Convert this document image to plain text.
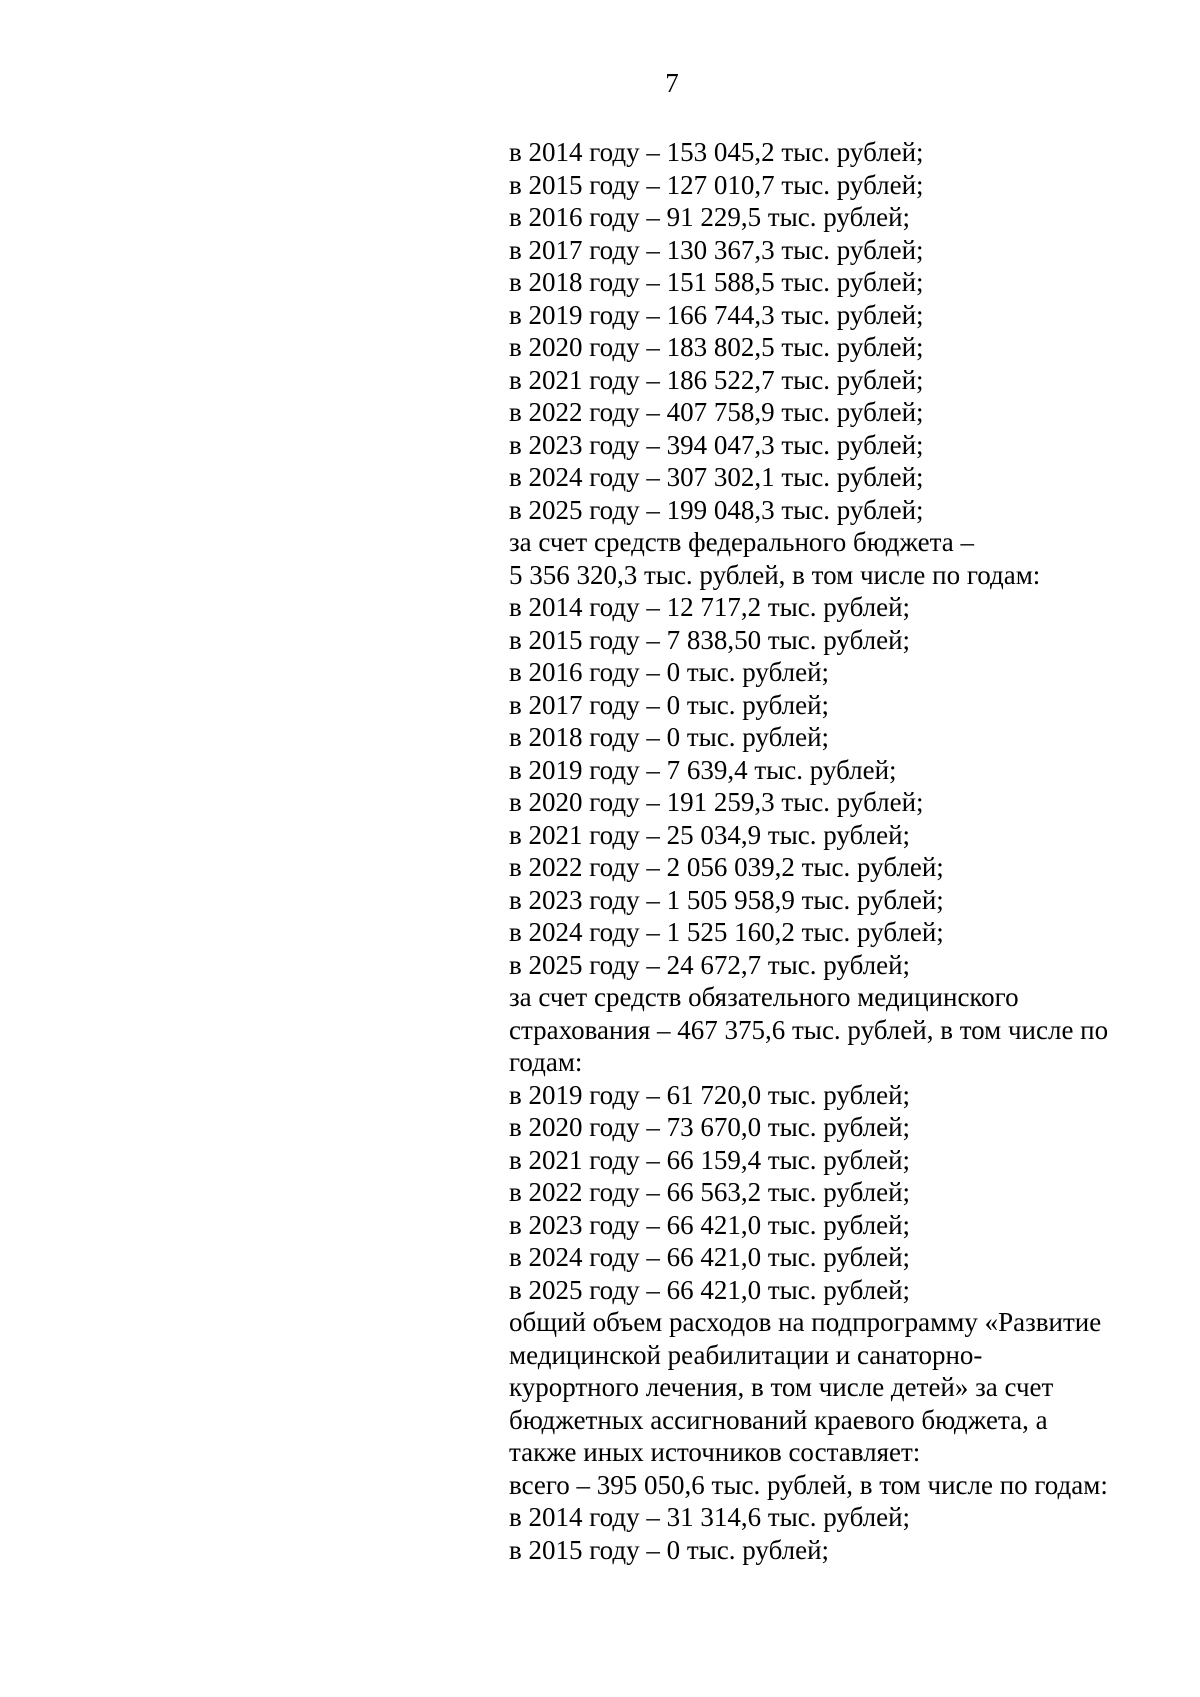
7
в 2014 году – 153 045,2 тыс. рублей;
в 2015 году – 127 010,7 тыс. рублей;
в 2016 году – 91 229,5 тыс. рублей;
в 2017 году – 130 367,3 тыс. рублей;
в 2018 году – 151 588,5 тыс. рублей;
в 2019 году – 166 744,3 тыс. рублей;
в 2020 году – 183 802,5 тыс. рублей;
в 2021 году – 186 522,7 тыс. рублей;
в 2022 году – 407 758,9 тыс. рублей;
в 2023 году – 394 047,3 тыс. рублей;
в 2024 году – 307 302,1 тыс. рублей;
в 2025 году – 199 048,3 тыс. рублей;
за счет средств федерального бюджета –
5 356 320,3 тыс. рублей, в том числе по годам:
в 2014 году – 12 717,2 тыс. рублей;
в 2015 году – 7 838,50 тыс. рублей;
в 2016 году – 0 тыс. рублей;
в 2017 году – 0 тыс. рублей;
в 2018 году – 0 тыс. рублей;
в 2019 году – 7 639,4 тыс. рублей;
в 2020 году – 191 259,3 тыс. рублей;
в 2021 году – 25 034,9 тыс. рублей;
в 2022 году – 2 056 039,2 тыс. рублей;
в 2023 году – 1 505 958,9 тыс. рублей;
в 2024 году – 1 525 160,2 тыс. рублей;
в 2025 году – 24 672,7 тыс. рублей;
за счет средств обязательного медицинского
страхования – 467 375,6 тыс. рублей, в том числе по
годам:
в 2019 году – 61 720,0 тыс. рублей;
в 2020 году – 73 670,0 тыс. рублей;
в 2021 году – 66 159,4 тыс. рублей;
в 2022 году – 66 563,2 тыс. рублей;
в 2023 году – 66 421,0 тыс. рублей;
в 2024 году – 66 421,0 тыс. рублей;
в 2025 году – 66 421,0 тыс. рублей;
общий объем расходов на подпрограмму «Развитие
медицинской реабилитации и санаторно-
курортного лечения, в том числе детей» за счет
бюджетных ассигнований краевого бюджета, а
также иных источников составляет:
всего – 395 050,6 тыс. рублей, в том числе по годам:
в 2014 году – 31 314,6 тыс. рублей;
в 2015 году – 0 тыс. рублей;
